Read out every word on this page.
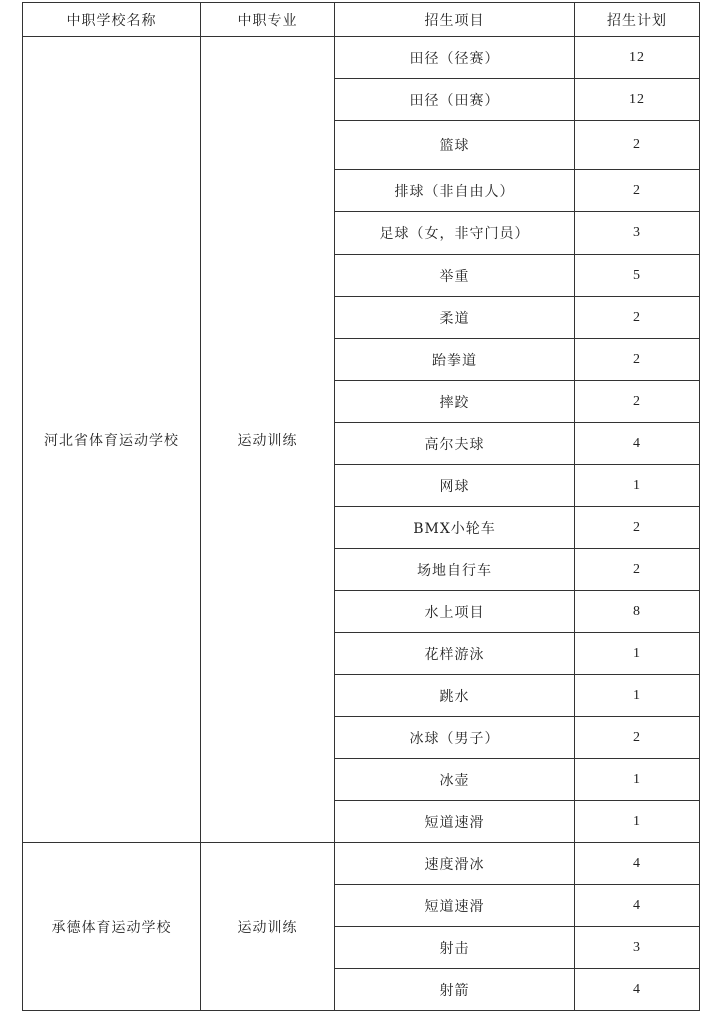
中职学校名称	中职专业	招生项目	招生计划
河北省体育运动学校	运动训练	田径（径赛）	12
		田径（田赛）	12
		篮球	2
		排球（非自由人）	2
		足球（女，非守门员）	3
		举重	5
		柔道	2
		跆拳道	2
		摔跤	2
		高尔夫球	4
		网球	1
		BMX小轮车	2
		场地自行车	2
		水上项目	8
		花样游泳	1
		跳水	1
		冰球（男子）	2
		冰壶	1
		短道速滑	1
承德体育运动学校	运动训练	速度滑冰	4
		短道速滑	4
		射击	3
		射箭	4
